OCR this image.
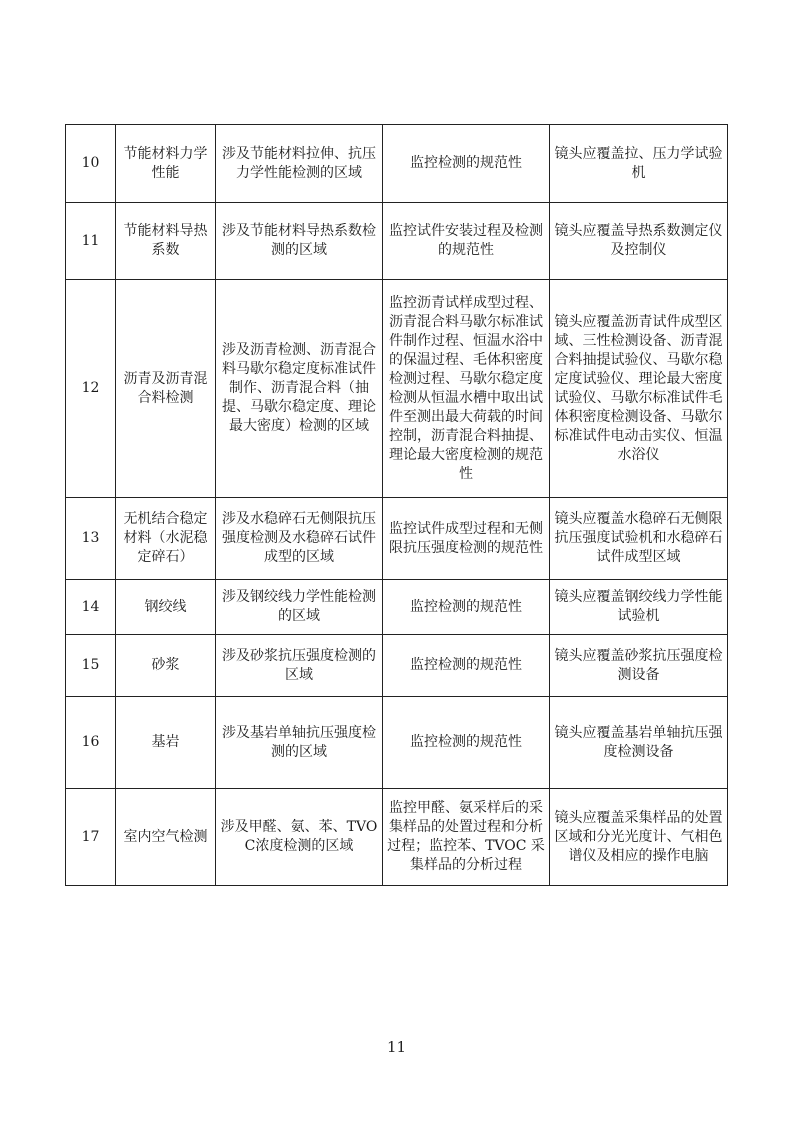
10	节能材料力学性能	涉及节能材料拉伸、抗压力学性能检测的区域	监控检测的规范性	镜头应覆盖拉、压力学试验机
11	节能材料导热系数	涉及节能材料导热系数检测的区域	监控试件安装过程及检测的规范性	镜头应覆盖导热系数测定仪及控制仪
12	沥青及沥青混合料检测	涉及沥青检测、沥青混合料马歇尔稳定度标准试件制作、沥青混合料（抽提、马歇尔稳定度、理论最大密度）检测的区域	监控沥青试样成型过程、沥青混合料马歇尔标准试件制作过程、恒温水浴中的保温过程、毛体积密度检测过程、马歇尔稳定度检测从恒温水槽中取出试件至测出最大荷载的时间控制，沥青混合料抽提、理论最大密度检测的规范性	镜头应覆盖沥青试件成型区域、三性检测设备、沥青混合料抽提试验仪、马歇尔稳定度试验仪、理论最大密度试验仪、马歇尔标准试件毛体积密度检测设备、马歇尔标准试件电动击实仪、恒温水浴仪
13	无机结合稳定材料（水泥稳定碎石）	涉及水稳碎石无侧限抗压强度检测及水稳碎石试件成型的区域	监控试件成型过程和无侧限抗压强度检测的规范性	镜头应覆盖水稳碎石无侧限抗压强度试验机和水稳碎石试件成型区域
14	钢绞线	涉及钢绞线力学性能检测的区域	监控检测的规范性	镜头应覆盖钢绞线力学性能试验机
15	砂浆	涉及砂浆抗压强度检测的区域	监控检测的规范性	镜头应覆盖砂浆抗压强度检测设备
16	基岩	涉及基岩单轴抗压强度检测的区域	监控检测的规范性	镜头应覆盖基岩单轴抗压强度检测设备
17	室内空气检测	涉及甲醛、氨、苯、TVOC浓度检测的区域	监控甲醛、氨采样后的采集样品的处置过程和分析过程；监控苯、TVOC 采集样品的分析过程	镜头应覆盖采集样品的处置区域和分光光度计、气相色谱仪及相应的操作电脑
11
